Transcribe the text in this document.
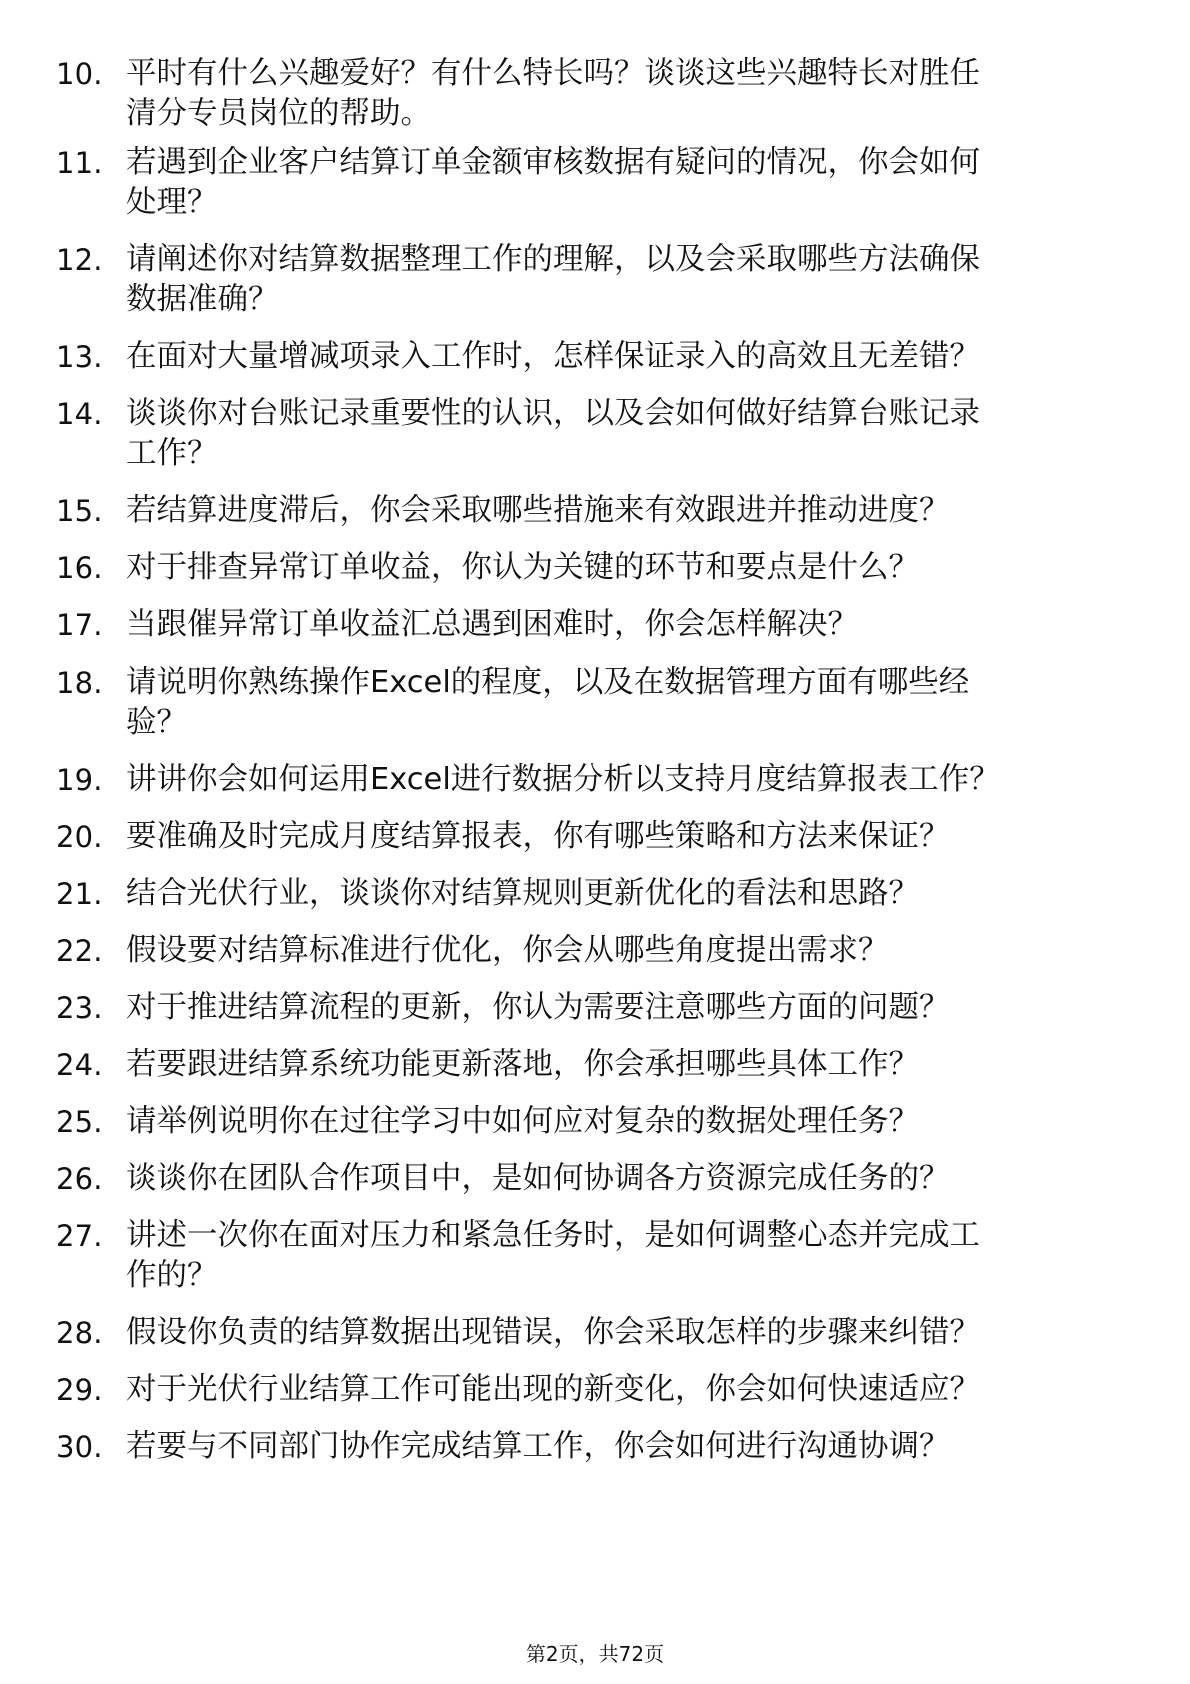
10. 平时有什么兴趣爱好？有什么特长吗？谈谈这些兴趣特长对胜任
清分专员岗位的帮助。
11. 若遇到企业客户结算订单金额审核数据有疑问的情况，你会如何
处理？
12. 请阐述你对结算数据整理工作的理解，以及会采取哪些方法确保
数据准确？
13. 在面对大量增减项录入工作时，怎样保证录入的高效且无差错？
14. 谈谈你对台账记录重要性的认识，以及会如何做好结算台账记录
工作？
15. 若结算进度滞后，你会采取哪些措施来有效跟进并推动进度？
16. 对于排查异常订单收益，你认为关键的环节和要点是什么？
17. 当跟催异常订单收益汇总遇到困难时，你会怎样解决？
18. 请说明你熟练操作Excel的程度，以及在数据管理方面有哪些经
验？
19. 讲讲你会如何运用Excel进行数据分析以支持月度结算报表工作？
20. 要准确及时完成月度结算报表，你有哪些策略和方法来保证？
21. 结合光伏行业，谈谈你对结算规则更新优化的看法和思路？
22. 假设要对结算标准进行优化，你会从哪些角度提出需求？
23. 对于推进结算流程的更新，你认为需要注意哪些方面的问题？
24. 若要跟进结算系统功能更新落地，你会承担哪些具体工作？
25. 请举例说明你在过往学习中如何应对复杂的数据处理任务？
26. 谈谈你在团队合作项目中，是如何协调各方资源完成任务的？
27. 讲述一次你在面对压力和紧急任务时，是如何调整心态并完成工
作的？
28. 假设你负责的结算数据出现错误，你会采取怎样的步骤来纠错？
29. 对于光伏行业结算工作可能出现的新变化，你会如何快速适应？
30. 若要与不同部门协作完成结算工作，你会如何进行沟通协调？
第2页，共72页
